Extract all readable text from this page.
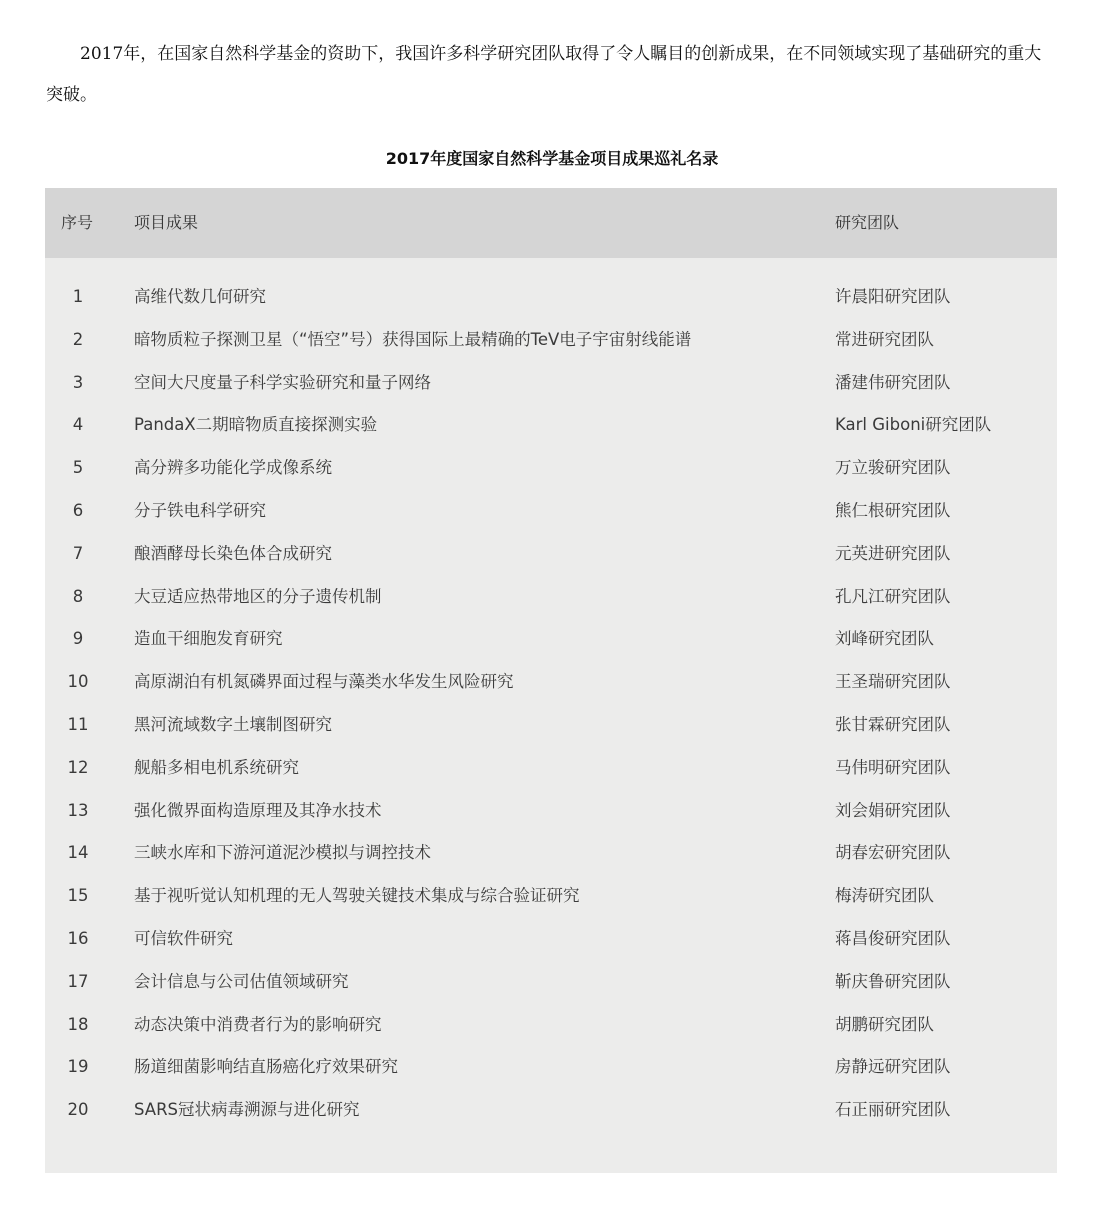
2017年，在国家自然科学基金的资助下，我国许多科学研究团队取得了令人瞩目的创新成果，在不同领域实现了基础研究的重大突破。

2017年度国家自然科学基金项目成果巡礼名录
序号	项目成果	研究团队
1	高维代数几何研究	许晨阳研究团队
2	暗物质粒子探测卫星（“悟空”号）获得国际上最精确的TeV电子宇宙射线能谱	常进研究团队
3	空间大尺度量子科学实验研究和量子网络	潘建伟研究团队
4	PandaX二期暗物质直接探测实验	Karl Giboni研究团队
5	高分辨多功能化学成像系统	万立骏研究团队
6	分子铁电科学研究	熊仁根研究团队
7	酿酒酵母长染色体合成研究	元英进研究团队
8	大豆适应热带地区的分子遗传机制	孔凡江研究团队
9	造血干细胞发育研究	刘峰研究团队
10	高原湖泊有机氮磷界面过程与藻类水华发生风险研究	王圣瑞研究团队
11	黑河流域数字土壤制图研究	张甘霖研究团队
12	舰船多相电机系统研究	马伟明研究团队
13	强化微界面构造原理及其净水技术	刘会娟研究团队
14	三峡水库和下游河道泥沙模拟与调控技术	胡春宏研究团队
15	基于视听觉认知机理的无人驾驶关键技术集成与综合验证研究	梅涛研究团队
16	可信软件研究	蒋昌俊研究团队
17	会计信息与公司估值领域研究	靳庆鲁研究团队
18	动态决策中消费者行为的影响研究	胡鹏研究团队
19	肠道细菌影响结直肠癌化疗效果研究	房静远研究团队
20	SARS冠状病毒溯源与进化研究	石正丽研究团队
